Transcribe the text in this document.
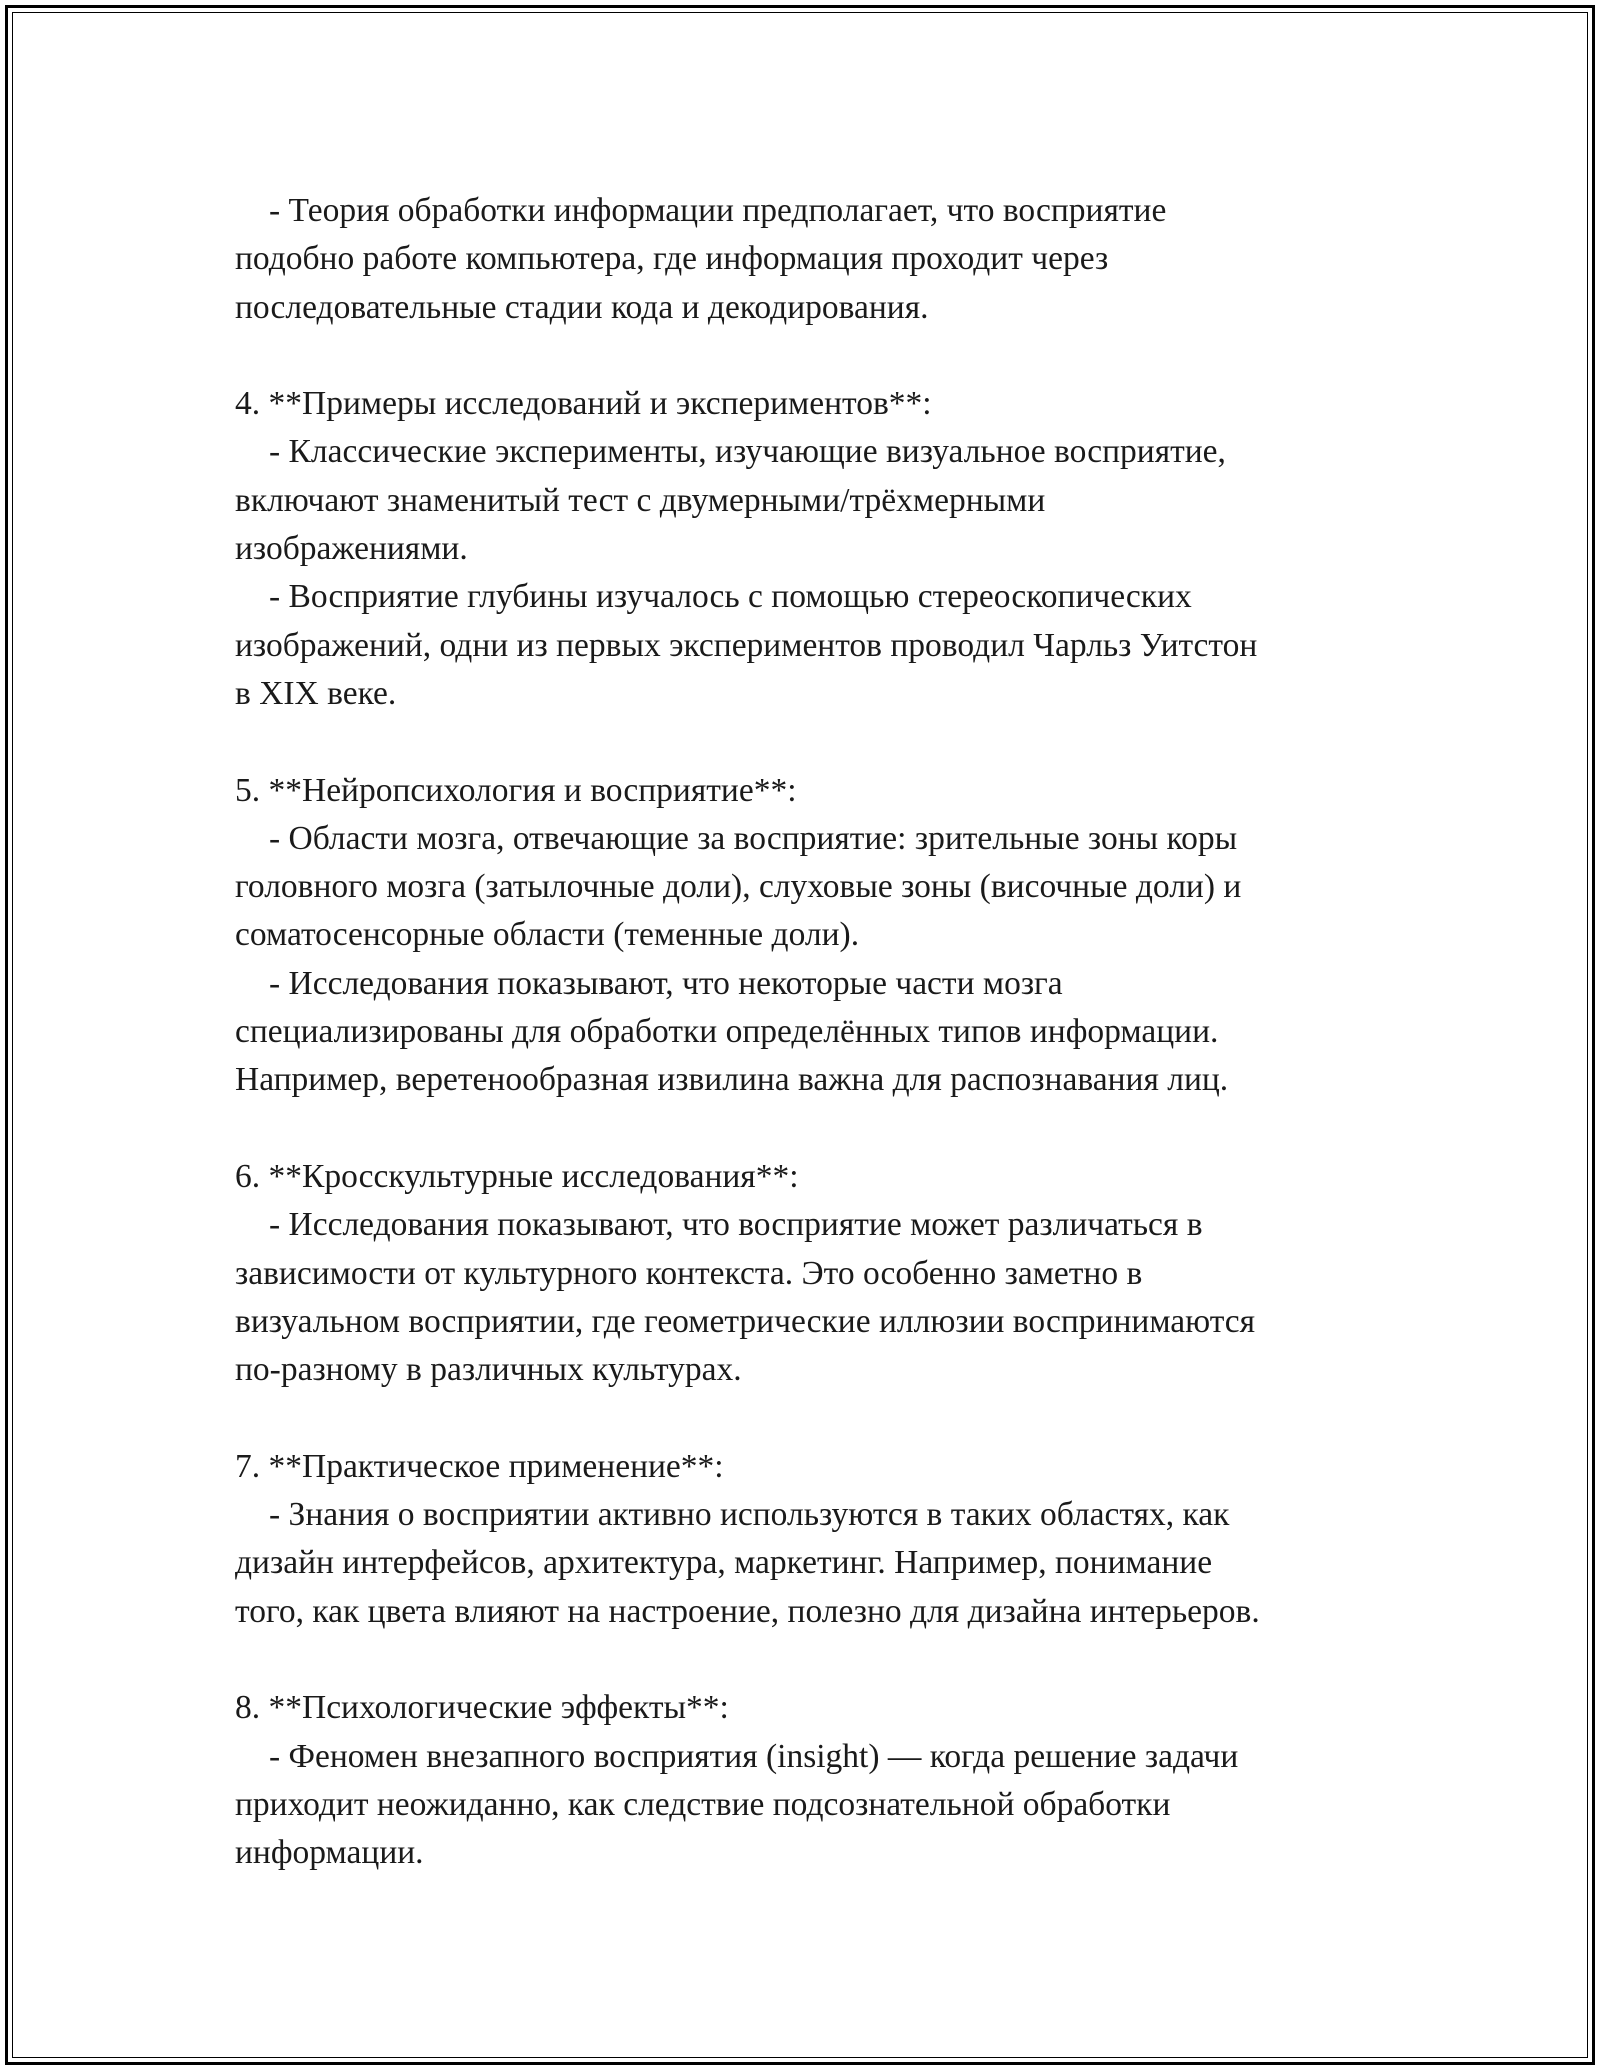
- Теория обработки информации предполагает, что восприятие
подобно работе компьютера, где информация проходит через
последовательные стадии кода и декодирования.
4. **Примеры исследований и экспериментов**:
- Классические эксперименты, изучающие визуальное восприятие,
включают знаменитый тест с двумерными/трёхмерными
изображениями.
- Восприятие глубины изучалось с помощью стереоскопических
изображений, одни из первых экспериментов проводил Чарльз Уитстон
в XIX веке.
5. **Нейропсихология и восприятие**:
- Области мозга, отвечающие за восприятие: зрительные зоны коры
головного мозга (затылочные доли), слуховые зоны (височные доли) и
соматосенсорные области (теменные доли).
- Исследования показывают, что некоторые части мозга
специализированы для обработки определённых типов информации.
Например, веретенообразная извилина важна для распознавания лиц.
6. **Кросскультурные исследования**:
- Исследования показывают, что восприятие может различаться в
зависимости от культурного контекста. Это особенно заметно в
визуальном восприятии, где геометрические иллюзии воспринимаются
по-разному в различных культурах.
7. **Практическое применение**:
- Знания о восприятии активно используются в таких областях, как
дизайн интерфейсов, архитектура, маркетинг. Например, понимание
того, как цвета влияют на настроение, полезно для дизайна интерьеров.
8. **Психологические эффекты**:
- Феномен внезапного восприятия (insight) — когда решение задачи
приходит неожиданно, как следствие подсознательной обработки
информации.
